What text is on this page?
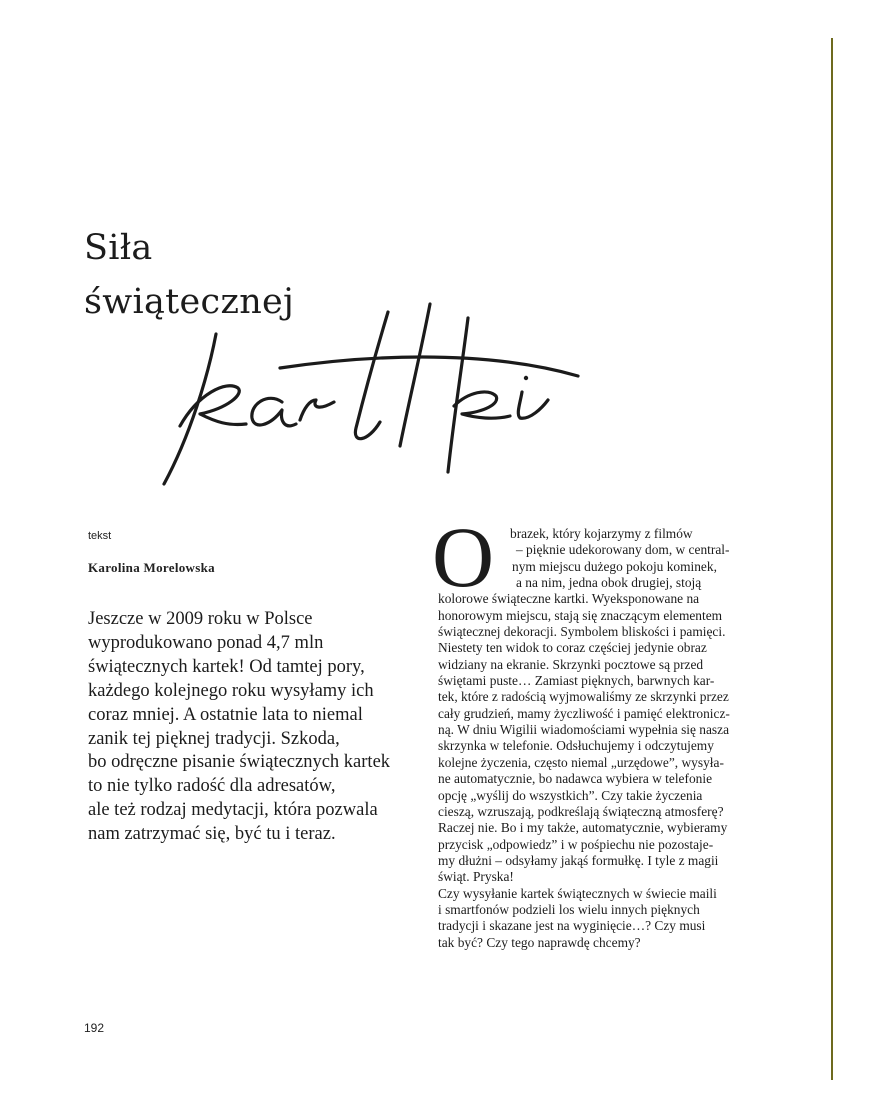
Siła
świątecznej
tekst
Karolina Morelowska
Jeszcze w 2009 roku w Polsce
wyprodukowano ponad 4,7 mln
świątecznych kartek! Od tamtej pory,
każdego kolejnego roku wysyłamy ich
coraz mniej. A ostatnie lata to niemal
zanik tej pięknej tradycji. Szkoda,
bo odręczne pisanie świątecznych kartek
to nie tylko radość dla adresatów,
ale też rodzaj medytacji, która pozwala
nam zatrzymać się, być tu i teraz.
O	brazek, który kojarzymy z filmów
– pięknie udekorowany dom, w central-
nym miejscu dużego pokoju kominek,
a na nim, jedna obok drugiej, stoją
kolorowe świąteczne kartki. Wyeksponowane na
honorowym miejscu, stają się znaczącym elementem
świątecznej dekoracji. Symbolem bliskości i pamięci.
Niestety ten widok to coraz częściej jedynie obraz
widziany na ekranie. Skrzynki pocztowe są przed
świętami puste… Zamiast pięknych, barwnych kar-
tek, które z radością wyjmowaliśmy ze skrzynki przez
cały grudzień, mamy życzliwość i pamięć elektronicz-
ną. W dniu Wigilii wiadomościami wypełnia się nasza
skrzynka w telefonie. Odsłuchujemy i odczytujemy
kolejne życzenia, często niemal „urzędowe”, wysyła-
ne automatycznie, bo nadawca wybiera w telefonie
opcję „wyślij do wszystkich”. Czy takie życzenia
cieszą, wzruszają, podkreślają świąteczną atmosferę?
Raczej nie. Bo i my także, automatycznie, wybieramy
przycisk „odpowiedz” i w pośpiechu nie pozostaje-
my dłużni – odsyłamy jakąś formułkę. I tyle z magii
świąt. Pryska!
Czy wysyłanie kartek świątecznych w świecie maili
i smartfonów podzieli los wielu innych pięknych
tradycji i skazane jest na wyginięcie…? Czy musi
tak być? Czy tego naprawdę chcemy?
192
